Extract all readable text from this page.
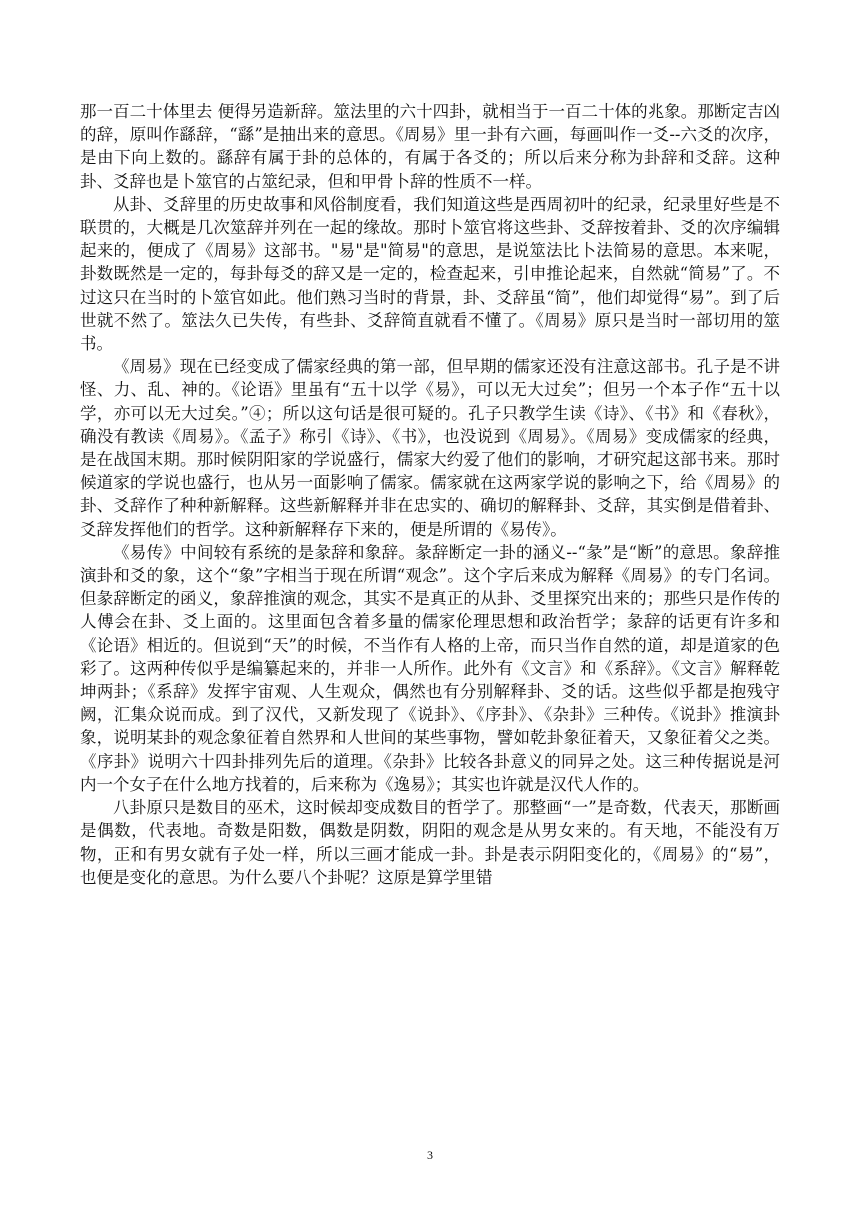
那一百二十体里去 便得另造新辞。筮法里的六十四卦，就相当于一百二十体的兆象。那断定吉凶的辞，原叫作繇辞，“繇”是抽出来的意思。《周易》里一卦有六画，每画叫作一爻--六爻的次序，是由下向上数的。繇辞有属于卦的总体的，有属于各爻的；所以后来分称为卦辞和爻辞。这种卦、爻辞也是卜筮官的占筮纪录，但和甲骨卜辞的性质不一样。

从卦、爻辞里的历史故事和风俗制度看，我们知道这些是西周初叶的纪录，纪录里好些是不联贯的，大概是几次筮辞并列在一起的缘故。那时卜筮官将这些卦、爻辞按着卦、爻的次序编辑起来的，便成了《周易》这部书。"易"是"简易"的意思，是说筮法比卜法简易的意思。本来呢，卦数既然是一定的，每卦每爻的辞又是一定的，检查起来，引申推论起来，自然就“简易”了。不过这只在当时的卜筮官如此。他们熟习当时的背景，卦、爻辞虽“简”，他们却觉得“易”。到了后世就不然了。筮法久已失传，有些卦、爻辞简直就看不懂了。《周易》原只是当时一部切用的筮书。

《周易》现在已经变成了儒家经典的第一部，但早期的儒家还没有注意这部书。孔子是不讲怪、力、乱、神的。《论语》里虽有“五十以学《易》，可以无大过矣”；但另一个本子作“五十以学，亦可以无大过矣。”④；所以这句话是很可疑的。孔子只教学生读《诗》、《书》和《春秋》，确没有教读《周易》。《孟子》称引《诗》、《书》，也没说到《周易》。《周易》变成儒家的经典，是在战国末期。那时候阴阳家的学说盛行，儒家大约爱了他们的影响，才研究起这部书来。那时候道家的学说也盛行，也从另一面影响了儒家。儒家就在这两家学说的影响之下，给《周易》的卦、爻辞作了种种新解释。这些新解释并非在忠实的、确切的解释卦、爻辞，其实倒是借着卦、爻辞发挥他们的哲学。这种新解释存下来的，便是所谓的《易传》。

《易传》中间较有系统的是彖辞和象辞。彖辞断定一卦的涵义--“彖”是“断”的意思。象辞推演卦和爻的象，这个“象”字相当于现在所谓“观念”。这个字后来成为解释《周易》的专门名词。但彖辞断定的函义，象辞推演的观念，其实不是真正的从卦、爻里探究出来的；那些只是作传的人傅会在卦、爻上面的。这里面包含着多量的儒家伦理思想和政治哲学；彖辞的话更有许多和《论语》相近的。但说到“天”的时候，不当作有人格的上帝，而只当作自然的道，却是道家的色彩了。这两种传似乎是编纂起来的，并非一人所作。此外有《文言》和《系辞》。《文言》解释乾坤两卦；《系辞》发挥宇宙观、人生观众，偶然也有分别解释卦、爻的话。这些似乎都是抱残守阙，汇集众说而成。到了汉代，又新发现了《说卦》、《序卦》、《杂卦》三种传。《说卦》推演卦象，说明某卦的观念象征着自然界和人世间的某些事物，譬如乾卦象征着天，又象征着父之类。《序卦》说明六十四卦排列先后的道理。《杂卦》比较各卦意义的同异之处。这三种传据说是河内一个女子在什么地方找着的，后来称为《逸易》；其实也许就是汉代人作的。

八卦原只是数目的巫术，这时候却变成数目的哲学了。那整画“一”是奇数，代表天，那断画是偶数，代表地。奇数是阳数，偶数是阴数，阴阳的观念是从男女来的。有天地，不能没有万物，正和有男女就有子处一样，所以三画才能成一卦。卦是表示阴阳变化的，《周易》的“易”，也便是变化的意思。为什么要八个卦呢？这原是算学里错

3
